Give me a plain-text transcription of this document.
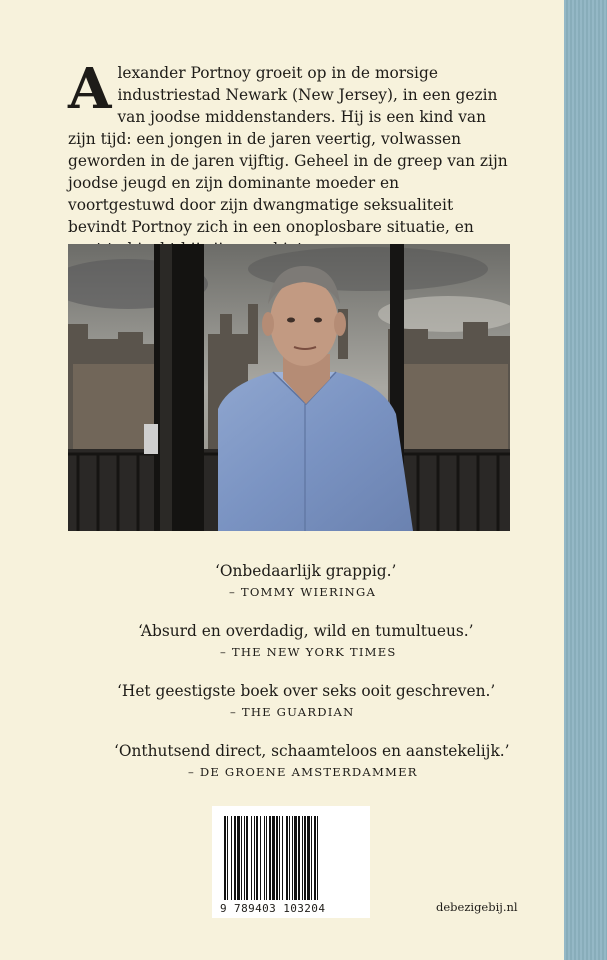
A lexander Portnoy groeit op in de morsige industriestad Newark (New Jersey), in een gezin van joodse middenstanders. Hij is een kind van zijn tijd: een jongen in de jaren veertig, volwassen geworden in de jaren vijftig. Geheel in de greep van zijn joodse jeugd en zijn dominante moeder en voortgestuwd door zijn dwangmatige seksualiteit bevindt Portnoy zich in een onoplosbare situatie, en

‘Onbedaarlijk grappig.’
– TOMMY WIERINGA
‘Absurd en overdadig, wild en tumultueus.’
– THE NEW YORK TIMES
‘Het geestigste boek over seks ooit geschreven.’
– THE GUARDIAN
‘Onthutsend direct, schaamteloos en aanstekelijk.’
– DE GROENE AMSTERDAMMER
9 789403 103204	debezigebij.nl
